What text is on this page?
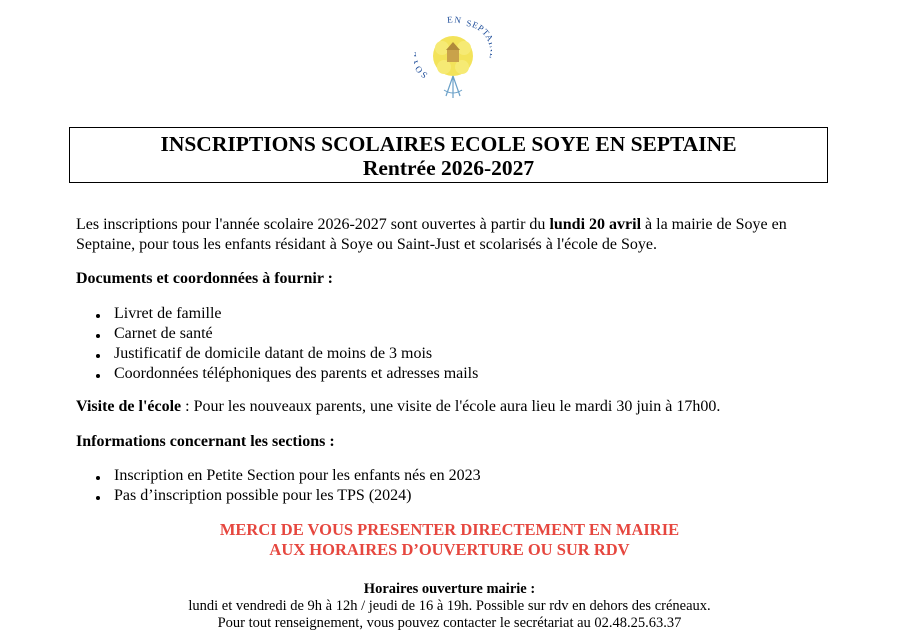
S
EN SEPT
INSCRIPTIONS SCOLAIRES ECOLE SOYE EN SEPTAINE
Rentrée 2026-2027
Les inscriptions pour l'année scolaire 2026-2027 sont ouvertes à partir du lundi 20 avril à la mairie de Soye en Septaine, pour tous les enfants résidant à Soye ou Saint-Just et scolarisés à l'école de Soye.
Documents et coordonnées à fournir :
Livret de famille
Carnet de santé
Justificatif de domicile datant de moins de 3 mois
Coordonnées téléphoniques des parents et adresses mails
Visite de l'école : Pour les nouveaux parents, une visite de l'école aura lieu le mardi 30 juin à 17h00.
Informations concernant les sections :
Inscription en Petite Section pour les enfants nés en 2023
Pas d’inscription possible pour les TPS (2024)
MERCI DE VOUS PRESENTER DIRECTEMENT EN MAIRIE
AUX HORAIRES D’OUVERTURE OU SUR RDV
Horaires ouverture mairie :
lundi et vendredi de 9h à 12h / jeudi de 16 à 19h. Possible sur rdv en dehors des créneaux.
Pour tout renseignement, vous pouvez contacter le secrétariat au 02.48.25.63.37
